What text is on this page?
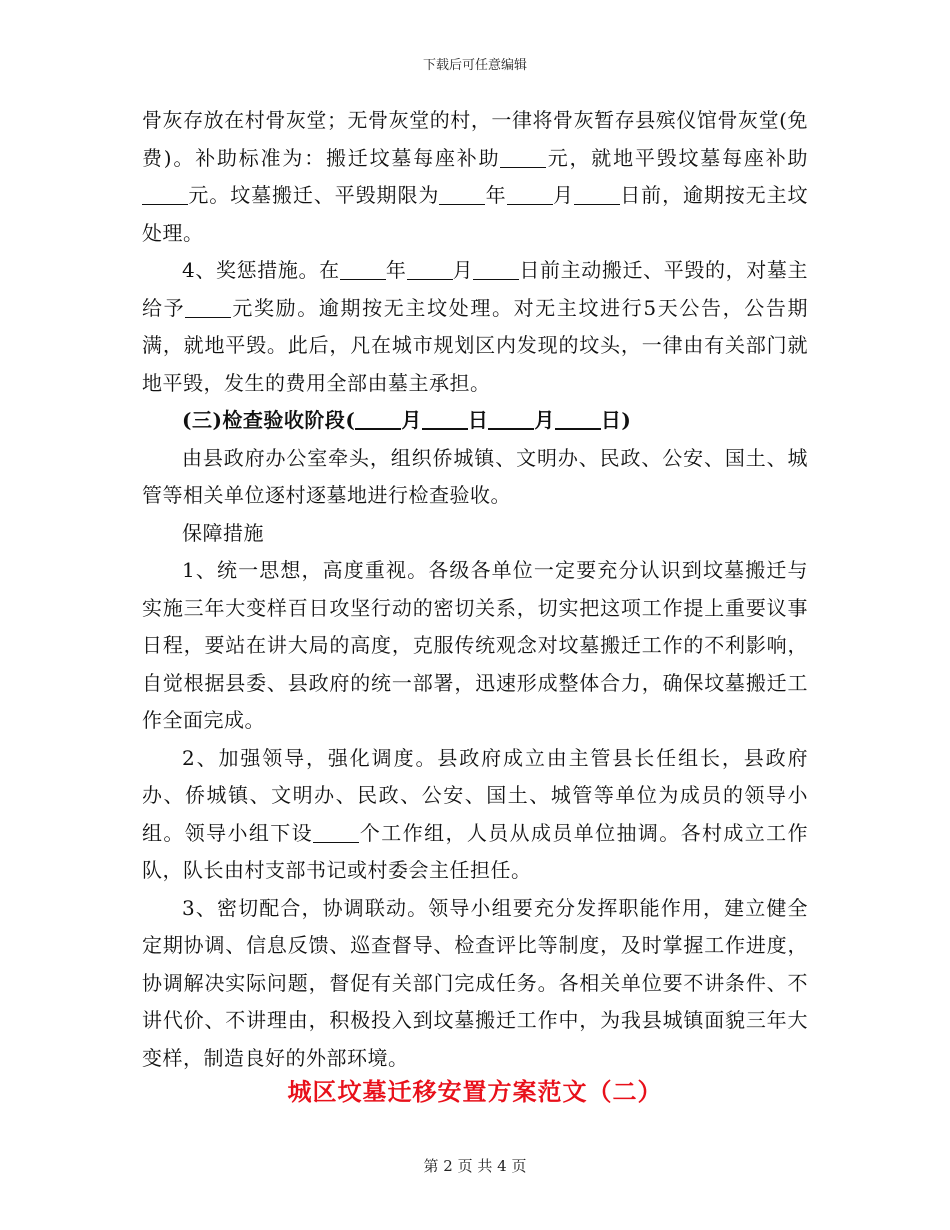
下载后可任意编辑

骨灰存放在村骨灰堂；无骨灰堂的村，一律将骨灰暂存县殡仪馆骨灰堂(免费)。补助标准为：搬迁坟墓每座补助 元，就地平毁坟墓每座补助元。坟墓搬迁、平毁期限为 年 月 日前，逾期按无主坟处理。

4、奖惩措施。在 年 月 日前主动搬迁、平毁的，对墓主给予 元奖励。逾期按无主坟处理。对无主坟进行5天公告，公告期满，就地平毁。此后，凡在城市规划区内发现的坟头，一律由有关部门就地平毁，发生的费用全部由墓主承担。

(三)检查验收阶段( 月 日 月 日)

由县政府办公室牵头，组织侨城镇、文明办、民政、公安、国土、城管等相关单位逐村逐墓地进行检查验收。

保障措施

1、统一思想，高度重视。各级各单位一定要充分认识到坟墓搬迁与实施三年大变样百日攻坚行动的密切关系，切实把这项工作提上重要议事日程，要站在讲大局的高度，克服传统观念对坟墓搬迁工作的不利影响，自觉根据县委、县政府的统一部署，迅速形成整体合力，确保坟墓搬迁工作全面完成。

2、加强领导，强化调度。县政府成立由主管县长任组长，县政府办、侨城镇、文明办、民政、公安、国土、城管等单位为成员的领导小组。领导小组下设 个工作组，人员从成员单位抽调。各村成立工作队，队长由村支部书记或村委会主任担任。

3、密切配合，协调联动。领导小组要充分发挥职能作用，建立健全定期协调、信息反馈、巡查督导、检查评比等制度，及时掌握工作进度，协调解决实际问题，督促有关部门完成任务。各相关单位要不讲条件、不讲代价、不讲理由，积极投入到坟墓搬迁工作中，为我县城镇面貌三年大变样，制造良好的外部环境。

城区坟墓迁移安置方案范文（二）
第 2 页 共 4 页
